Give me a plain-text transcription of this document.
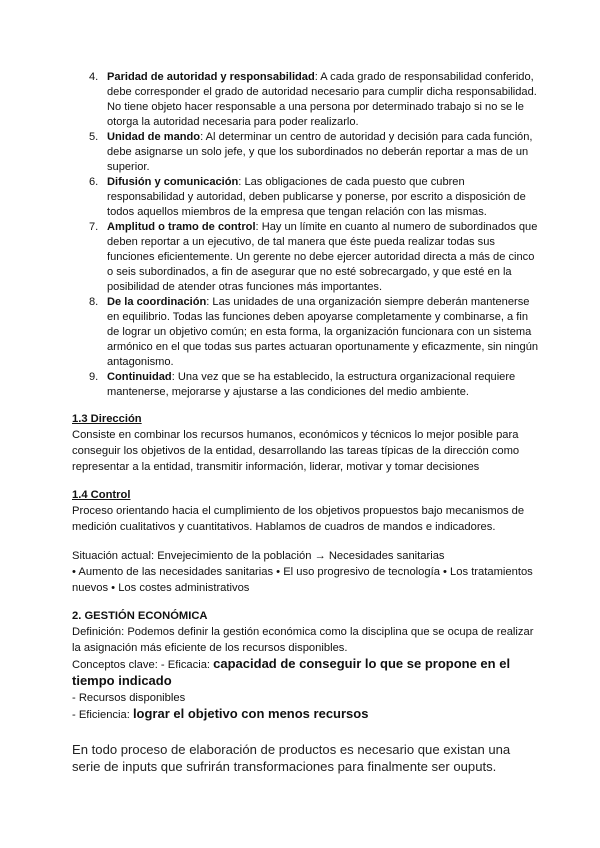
4. Paridad de autoridad y responsabilidad: A cada grado de responsabilidad conferido, debe corresponder el grado de autoridad necesario para cumplir dicha responsabilidad. No tiene objeto hacer responsable a una persona por determinado trabajo si no se le otorga la autoridad necesaria para poder realizarlo.

5. Unidad de mando: Al determinar un centro de autoridad y decisión para cada función, debe asignarse un solo jefe, y que los subordinados no deberán reportar a mas de un superior.

6. Difusión y comunicación: Las obligaciones de cada puesto que cubren responsabilidad y autoridad, deben publicarse y ponerse, por escrito a disposición de todos aquellos miembros de la empresa que tengan relación con las mismas.

7. Amplitud o tramo de control: Hay un límite en cuanto al numero de subordinados que deben reportar a un ejecutivo, de tal manera que éste pueda realizar todas sus funciones eficientemente. Un gerente no debe ejercer autoridad directa a más de cinco o seis subordinados, a fin de asegurar que no esté sobrecargado, y que esté en la posibilidad de atender otras funciones más importantes.

8. De la coordinación: Las unidades de una organización siempre deberán mantenerse en equilibrio. Todas las funciones deben apoyarse completamente y combinarse, a fin de lograr un objetivo común; en esta forma, la organización funcionara con un sistema armónico en el que todas sus partes actuaran oportunamente y eficazmente, sin ningún antagonismo.

9. Continuidad: Una vez que se ha establecido, la estructura organizacional requiere mantenerse, mejorarse y ajustarse a las condiciones del medio ambiente.

1.3 Dirección

Consiste en combinar los recursos humanos, económicos y técnicos lo mejor posible para conseguir los objetivos de la entidad, desarrollando las tareas típicas de la dirección como representar a la entidad, transmitir información, liderar, motivar y tomar decisiones

1.4 Control

Proceso orientando hacia el cumplimiento de los objetivos propuestos bajo mecanismos de medición cualitativos y cuantitativos. Hablamos de cuadros de mandos e indicadores.

Situación actual: Envejecimiento de la población → Necesidades sanitarias

• Aumento de las necesidades sanitarias • El uso progresivo de tecnología • Los tratamientos nuevos • Los costes administrativos

2. GESTIÓN ECONÓMICA

Definición: Podemos definir la gestión económica como la disciplina que se ocupa de realizar la asignación más eficiente de los recursos disponibles.

Conceptos clave: - Eficacia: capacidad de conseguir lo que se propone en el tiempo indicado

- Recursos disponibles

- Eficiencia: lograr el objetivo con menos recursos

En todo proceso de elaboración de productos es necesario que existan una serie de inputs que sufrirán transformaciones para finalmente ser ouputs.
